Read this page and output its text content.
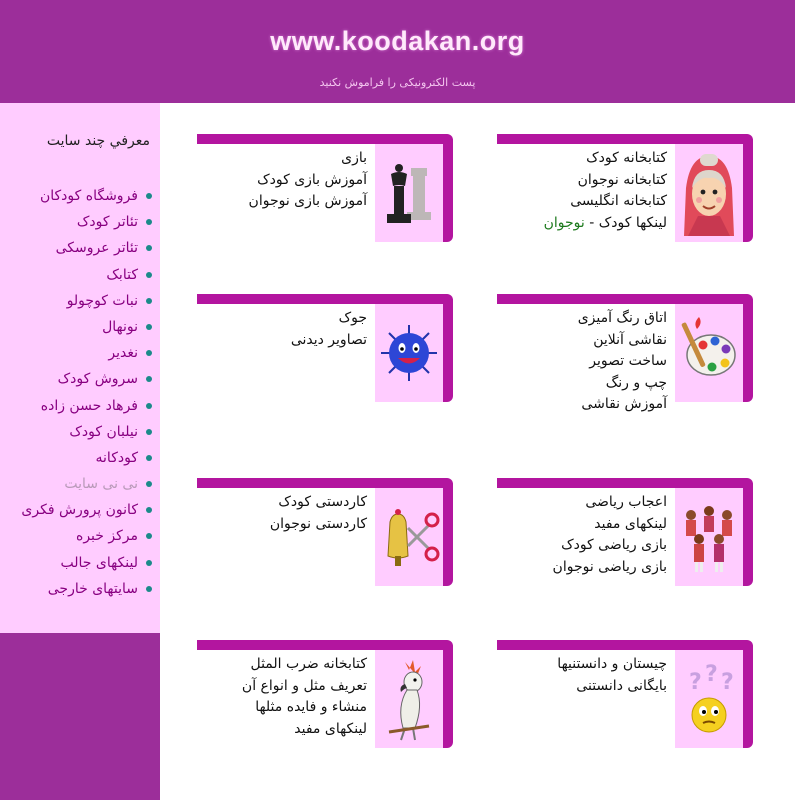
www.koodakan.org
پست الکترونیکی را فراموش نکنید
معرفي چند سايت
فروشگاه کودکان
تئاتر کودک
تئاتر عروسکی
کتابک
نبات کوچولو
نونهال
نغدیر
سروش کودک
فرهاد حسن زاده
نیلبان کودک
کودکانه
نی نی سایت
کانون پرورش فکری
مرکز خبره
لینکهای جالب
سایتهای خارجی
کتابخانه کودک
کتابخانه نوجوان
کتابخانه انگلیسی
لینکها کودک - نوجوان
بازی
آموزش بازی کودک
آموزش بازی نوجوان
اتاق رنگ آمیزی
نقاشی آنلاین
ساخت تصویر
چپ و رنگ
آموزش نقاشی
جوک
تصاویر دیدنی
اعجاب ریاضی
لینکهای مفید
بازی ریاضی کودک
بازی ریاضی نوجوان
کاردستی کودک
کاردستی نوجوان
? ? ?
چیستان و دانستنیها
بایگانی دانستنی
کتابخانه ضرب المثل
تعریف مثل و انواع آن
منشاء و فایده مثلها
لینکهای مفید
